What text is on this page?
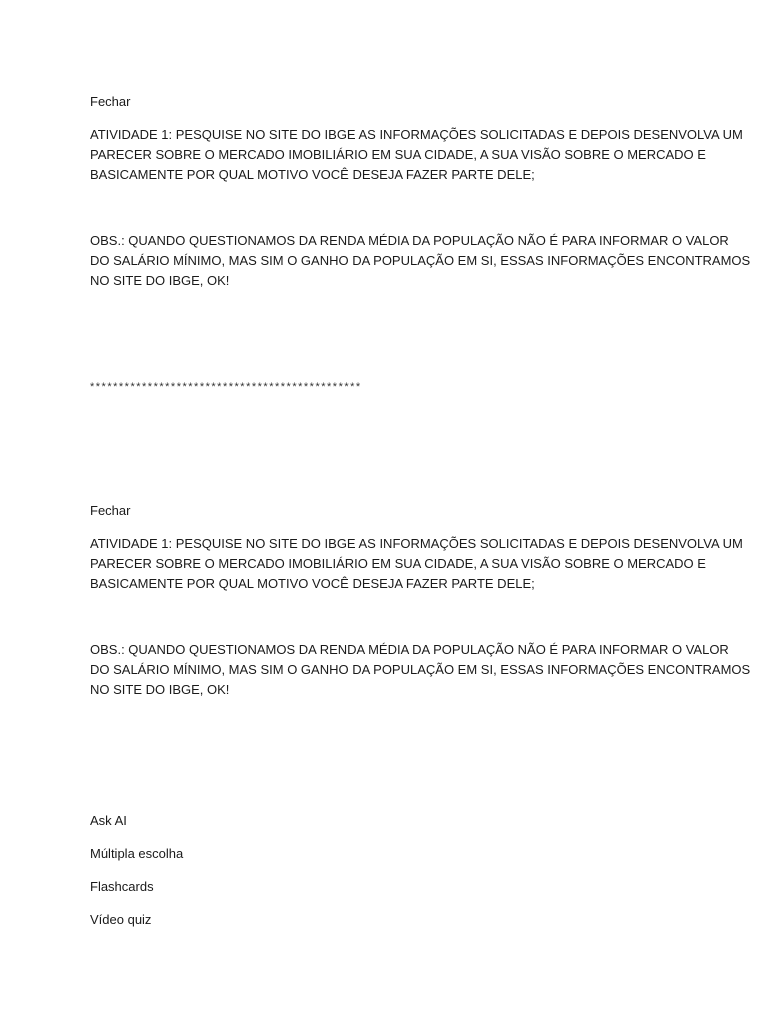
Fechar

ATIVIDADE 1: PESQUISE NO SITE DO IBGE AS INFORMAÇÕES SOLICITADAS E DEPOIS DESENVOLVA UM
PARECER SOBRE O MERCADO IMOBILIÁRIO EM SUA CIDADE, A SUA VISÃO SOBRE O MERCADO E
BASICAMENTE POR QUAL MOTIVO VOCÊ DESEJA FAZER PARTE DELE;
OBS.: QUANDO QUESTIONAMOS DA RENDA MÉDIA DA POPULAÇÃO NÃO É PARA INFORMAR O VALOR
DO SALÁRIO MÍNIMO, MAS SIM O GANHO DA POPULAÇÃO EM SI, ESSAS INFORMAÇÕES ENCONTRAMOS
NO SITE DO IBGE, OK!

***********************************************

Fechar

ATIVIDADE 1: PESQUISE NO SITE DO IBGE AS INFORMAÇÕES SOLICITADAS E DEPOIS DESENVOLVA UM
PARECER SOBRE O MERCADO IMOBILIÁRIO EM SUA CIDADE, A SUA VISÃO SOBRE O MERCADO E
BASICAMENTE POR QUAL MOTIVO VOCÊ DESEJA FAZER PARTE DELE;
OBS.: QUANDO QUESTIONAMOS DA RENDA MÉDIA DA POPULAÇÃO NÃO É PARA INFORMAR O VALOR
DO SALÁRIO MÍNIMO, MAS SIM O GANHO DA POPULAÇÃO EM SI, ESSAS INFORMAÇÕES ENCONTRAMOS
NO SITE DO IBGE, OK!

Ask AI

Múltipla escolha

Flashcards

Vídeo quiz
